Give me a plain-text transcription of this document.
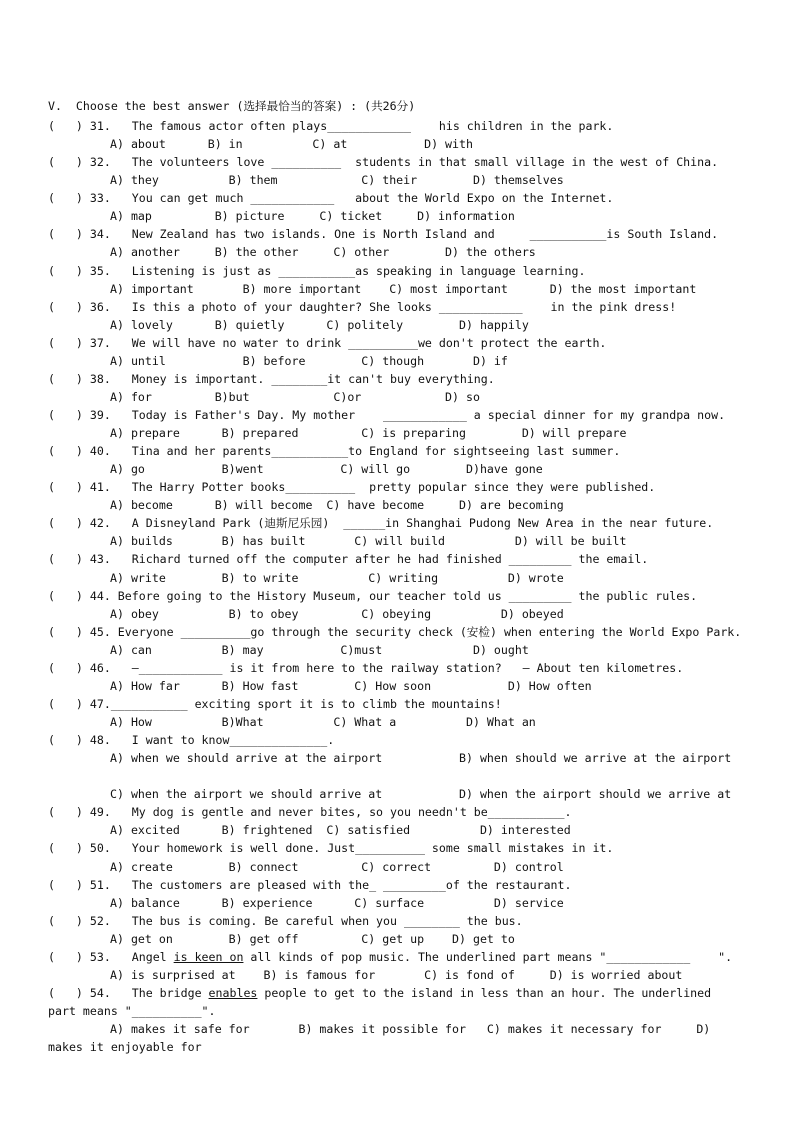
V.  Choose the best answer (选择最恰当的答案) : (共26分)
(   ) 31.   The famous actor often plays____________    his children in the park.
A) about      B) in          C) at           D) with
(   ) 32.   The volunteers love __________  students in that small village in the west of China.
A) they          B) them            C) their        D) themselves
(   ) 33.   You can get much ____________   about the World Expo on the Internet.
A) map         B) picture     C) ticket     D) information
(   ) 34.   New Zealand has two islands. One is North Island and     ___________is South Island.
A) another     B) the other     C) other        D) the others
(   ) 35.   Listening is just as ___________as speaking in language learning.
A) important       B) more important    C) most important      D) the most important
(   ) 36.   Is this a photo of your daughter? She looks ____________    in the pink dress!
A) lovely      B) quietly      C) politely        D) happily
(   ) 37.   We will have no water to drink __________we don't protect the earth.
A) until           B) before        C) though       D) if
(   ) 38.   Money is important. ________it can't buy everything.
A) for         B)but            C)or            D) so
(   ) 39.   Today is Father's Day. My mother    ____________ a special dinner for my grandpa now.
A) prepare      B) prepared         C) is preparing        D) will prepare
(   ) 40.   Tina and her parents___________to England for sightseeing last summer.
A) go           B)went           C) will go        D)have gone
(   ) 41.   The Harry Potter books__________  pretty popular since they were published.
A) become      B) will become  C) have become     D) are becoming
(   ) 42.   A Disneyland Park (迪斯尼乐园)  ______in Shanghai Pudong New Area in the near future.
A) builds       B) has built       C) will build          D) will be built
(   ) 43.   Richard turned off the computer after he had finished _________ the email.
A) write        B) to write          C) writing          D) wrote
(   ) 44. Before going to the History Museum, our teacher told us _________ the public rules.
A) obey          B) to obey         C) obeying          D) obeyed
(   ) 45. Everyone __________go through the security check (安检) when entering the World Expo Park.
A) can          B) may           C)must             D) ought
(   ) 46.   —____________ is it from here to the railway station?   — About ten kilometres.
A) How far      B) How fast        C) How soon           D) How often
(   ) 47.___________ exciting sport it is to climb the mountains!
A) How          B)What          C) What a          D) What an
(   ) 48.   I want to know______________.
A) when we should arrive at the airport           B) when should we arrive at the airport
C) when the airport we should arrive at           D) when the airport should we arrive at
(   ) 49.   My dog is gentle and never bites, so you needn't be___________.
A) excited      B) frightened  C) satisfied          D) interested
(   ) 50.   Your homework is well done. Just__________ some small mistakes in it.
A) create        B) connect         C) correct         D) control
(   ) 51.   The customers are pleased with the_ _________of the restaurant.
A) balance      B) experience      C) surface          D) service
(   ) 52.   The bus is coming. Be careful when you ________ the bus.
A) get on        B) get off         C) get up    D) get to
(   ) 53.   Angel is keen on all kinds of pop music. The underlined part means "____________    ".
A) is surprised at    B) is famous for       C) is fond of     D) is worried about
(   ) 54.   The bridge enables people to get to the island in less than an hour. The underlined
part means "__________".
A) makes it safe for       B) makes it possible for   C) makes it necessary for     D)
makes it enjoyable for
